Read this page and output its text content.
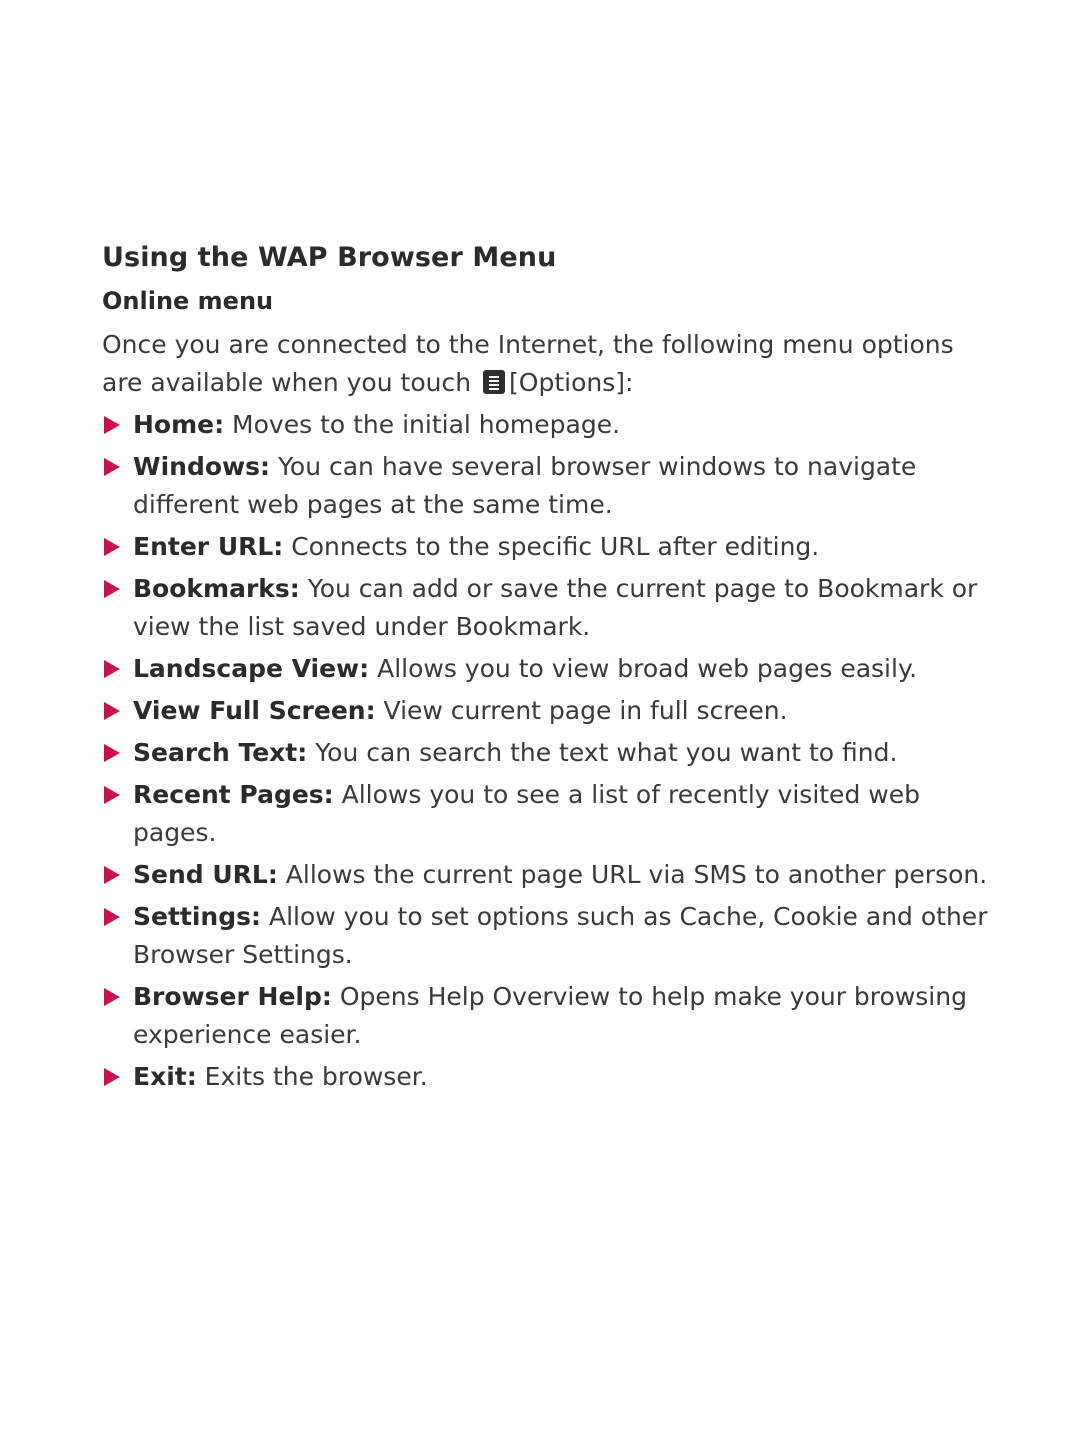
Using the WAP Browser Menu
Online menu

Once you are connected to the Internet, the following menu options are available when you touch [Options]:

Home: Moves to the initial homepage.
Windows: You can have several browser windows to navigate different web pages at the same time.
Enter URL: Connects to the specific URL after editing.
Bookmarks: You can add or save the current page to Bookmark or view the list saved under Bookmark.
Landscape View: Allows you to view broad web pages easily.
View Full Screen: View current page in full screen.
Search Text: You can search the text what you want to find.
Recent Pages: Allows you to see a list of recently visited web pages.
Send URL: Allows the current page URL via SMS to another person.
Settings: Allow you to set options such as Cache, Cookie and other Browser Settings.
Browser Help: Opens Help Overview to help make your browsing experience easier.
Exit: Exits the browser.
